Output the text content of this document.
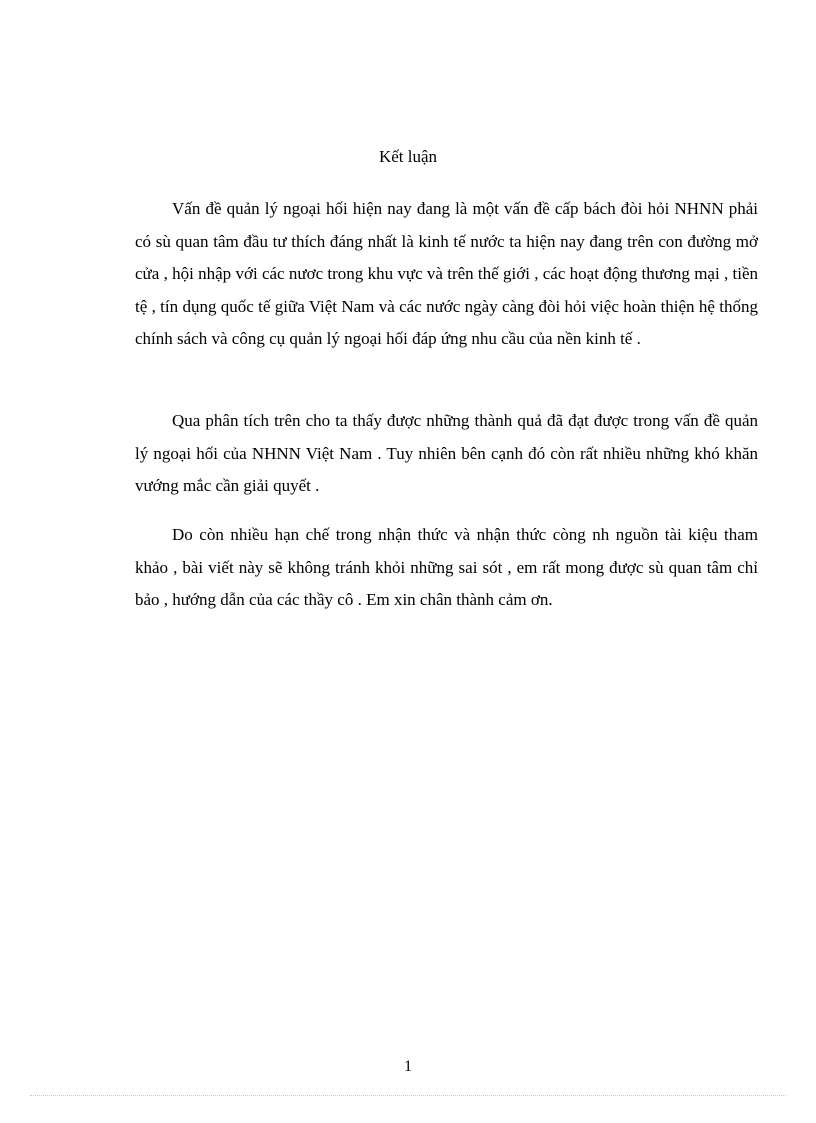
Kết luận

Vấn đề quản lý ngoại hối hiện nay đang là một vấn đề cấp bách đòi hỏi NHNN phải có sù quan tâm đầu tư thích đáng nhất là kinh tế nước ta hiện nay đang trên con đường mở cửa , hội nhập với các nươc trong khu vực và trên thế giới , các hoạt động thương mại , tiền tệ , tín dụng quốc tế giữa Việt Nam và các nước ngày càng đòi hỏi việc hoàn thiện hệ thống chính sách và công cụ quản lý ngoại hối đáp ứng nhu cầu của nền kinh tế .

Qua phân tích trên cho ta thấy được những thành quả đã đạt được trong vấn đề quản lý ngoại hối của NHNN Việt Nam . Tuy nhiên bên cạnh đó còn rất nhiều những khó khăn vướng mắc cần giải quyết .

Do còn nhiều hạn chế trong nhận thức và nhận thức còng nh nguồn tài kiệu tham khảo , bài viết này sẽ không tránh khỏi những sai sót , em rất mong được sù quan tâm chỉ bảo , hướng dẫn của các thầy cô . Em xin chân thành cảm ơn.

1
